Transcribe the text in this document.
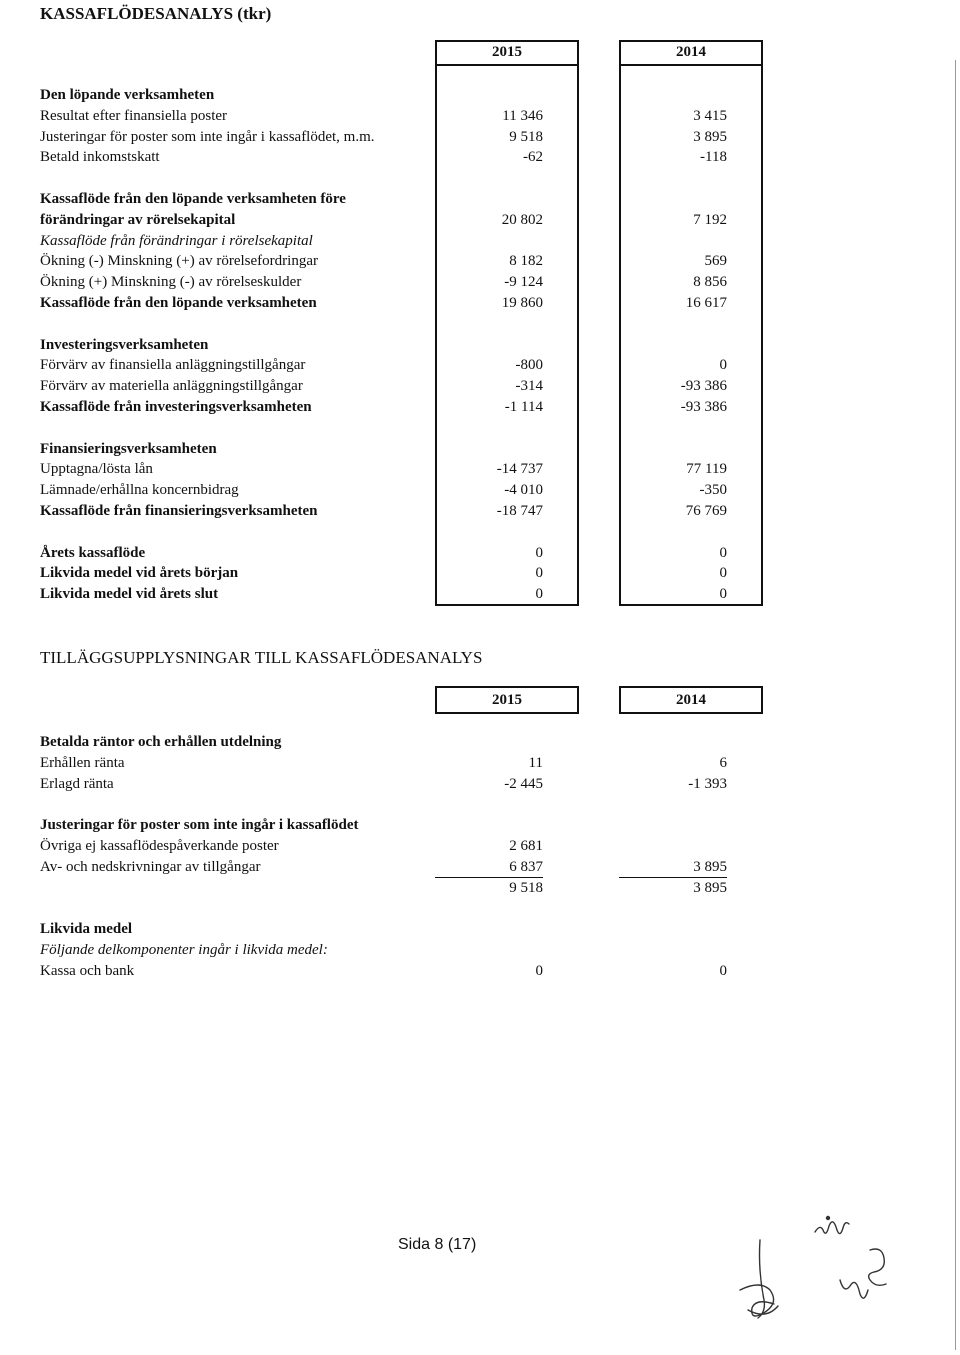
KASSAFLÖDESANALYS (tkr)
2015	2014
Den löpande verksamheten
Resultat efter finansiella poster	11 346	3 415
Justeringar för poster som inte ingår i kassaflödet, m.m.	9 518	3 895
Betald inkomstskatt	-62	-118
Kassaflöde från den löpande verksamheten före
förändringar av rörelsekapital	20 802	7 192
Kassaflöde från förändringar i rörelsekapital
Ökning (-) Minskning (+) av rörelsefordringar	8 182	569
Ökning (+) Minskning (-) av rörelseskulder	-9 124	8 856
Kassaflöde från den löpande verksamheten	19 860	16 617
Investeringsverksamheten
Förvärv av finansiella anläggningstillgångar	-800	0
Förvärv av materiella anläggningstillgångar	-314	-93 386
Kassaflöde från investeringsverksamheten	-1 114	-93 386
Finansieringsverksamheten
Upptagna/lösta lån	-14 737	77 119
Lämnade/erhållna koncernbidrag	-4 010	-350
Kassaflöde från finansieringsverksamheten	-18 747	76 769
Årets kassaflöde	0	0
Likvida medel vid årets början	0	0
Likvida medel vid årets slut	0	0
TILLÄGGSUPPLYSNINGAR TILL KASSAFLÖDESANALYS
2015	2014
Betalda räntor och erhållen utdelning
Erhållen ränta	11	6
Erlagd ränta	-2 445	-1 393
Justeringar för poster som inte ingår i kassaflödet
Övriga ej kassaflödespåverkande poster	2 681
Av- och nedskrivningar av tillgångar	6 837	3 895
9 518	3 895
Likvida medel
Följande delkomponenter ingår i likvida medel:
Kassa och bank	0	0
Sida 8 (17)
